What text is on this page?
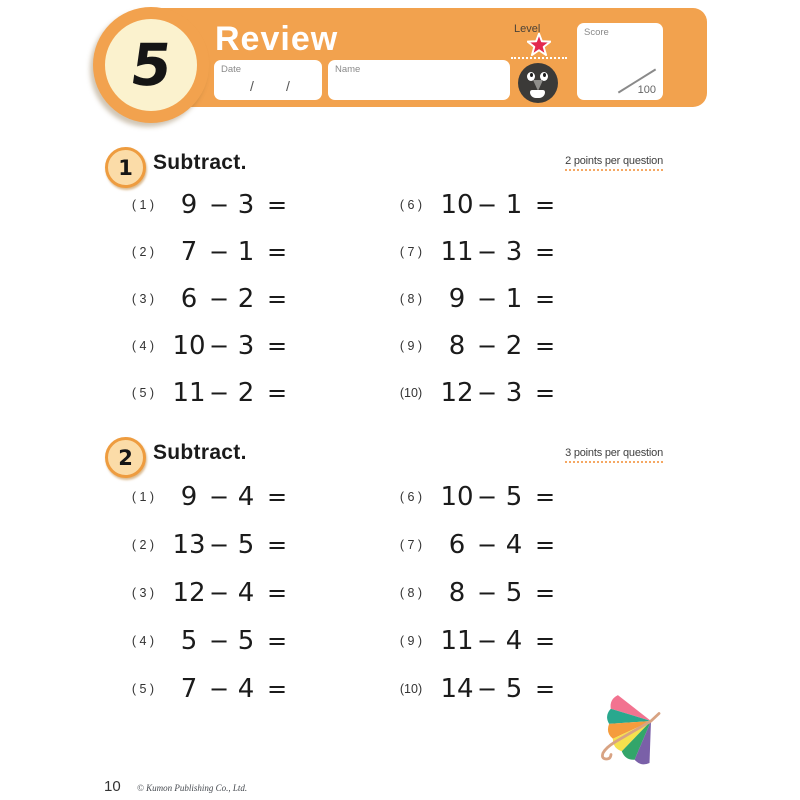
5 Review
Date
/ /
Name
Level	Score
100
1 Subtract.	2 points per question
( 1 )	9 − 3 =
( 2 )	7 − 1 =
( 3 )	6 − 2 =
( 4 ) 10 − 3 =
( 5 ) 11 − 2 =
( 6 ) 10 − 1 =
( 7 ) 11 − 3 =
( 8 )	9 − 1 =
( 9 )	8 − 2 =
(10) 12 − 3 =
2 Subtract.	3 points per question
( 1 )	9 − 4 =
( 2 ) 13 − 5 =
( 3 ) 12 − 4 =
( 4 )	5 − 5 =
( 5 )	7 − 4 =
( 6 ) 10 − 5 =
( 7 )	6 − 4 =
( 8 )	8 − 5 =
( 9 ) 11 − 4 =
(10) 14 − 5 =
10 © Kumon Publishing Co., Ltd.
